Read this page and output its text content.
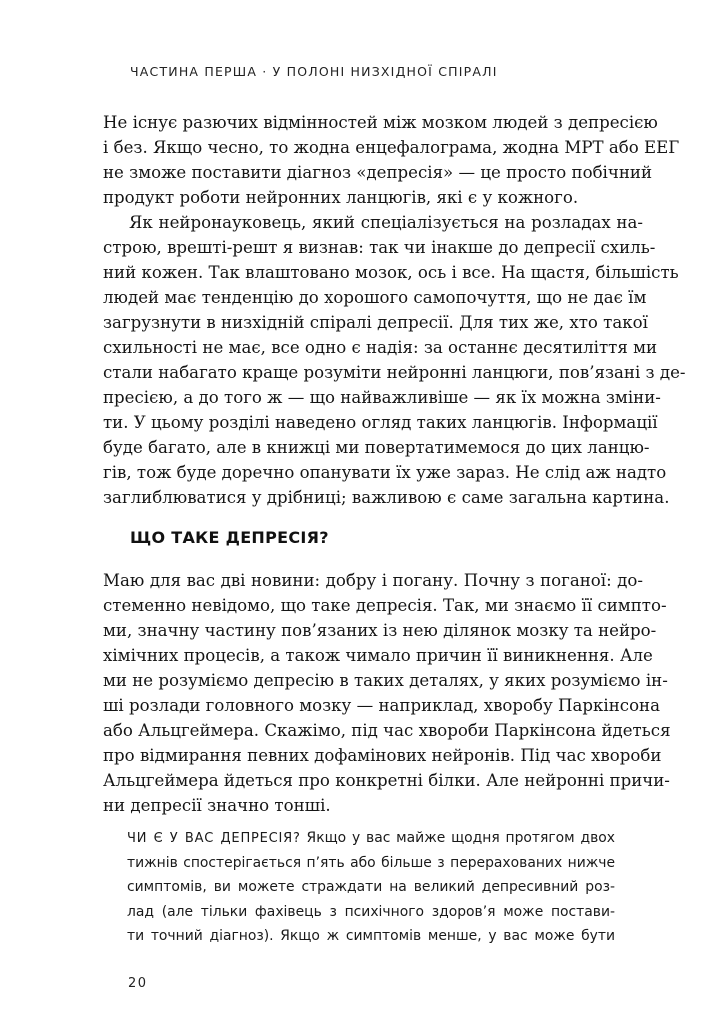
ЧАСТИНА ПЕРША · У ПОЛОНІ НИЗХІДНОЇ СПІРАЛІ
Не існує разючих відмінностей між мозком людей з депресією
і без. Якщо чесно, то жодна енцефалограма, жодна МРТ або ЕЕГ
не зможе поставити діагноз «депресія» — це просто побічний
продукт роботи нейронних ланцюгів, які є у кожного.
Як нейронауковець, який спеціалізується на розладах на-
строю, врешті-решт я визнав: так чи інакше до депресії схиль-
ний кожен. Так влаштовано мозок, ось і все. На щастя, більшість
людей має тенденцію до хорошого самопочуття, що не дає їм
загрузнути в низхідній спіралі депресії. Для тих же, хто такої
схильності не має, все одно є надія: за останнє десятиліття ми
стали набагато краще розуміти нейронні ланцюги, пов’язані з де-
пресією, а до того ж — що найважливіше — як їх можна зміни-
ти. У цьому розділі наведено огляд таких ланцюгів. Інформації
буде багато, але в книжці ми повертатимемося до цих ланцю-
гів, тож буде доречно опанувати їх уже зараз. Не слід аж надто
заглиблюватися у дрібниці; важливою є саме загальна картина.
ЩО ТАКЕ ДЕПРЕСІЯ?
Маю для вас дві новини: добру і погану. Почну з поганої: до-
стеменно невідомо, що таке депресія. Так, ми знаємо її симпто-
ми, значну частину пов’язаних із нею ділянок мозку та нейро-
хімічних процесів, а також чимало причин її виникнення. Але
ми не розуміємо депресію в таких деталях, у яких розуміємо ін-
ші розлади головного мозку — наприклад, хворобу Паркінсона
або Альцгеймера. Скажімо, під час хвороби Паркінсона йдеться
про відмирання певних дофамінових нейронів. Під час хвороби
Альцгеймера йдеться про конкретні білки. Але нейронні причи-
ни депресії значно тонші.
ЧИ Є У ВАС ДЕПРЕСІЯ? Якщо у вас майже щодня протягом двох
тижнів спостерігається п’ять або більше з перерахованих нижче
симптомів, ви можете страждати на великий депресивний роз-
лад (але тільки фахівець з психічного здоров’я може постави-
ти точний діагноз). Якщо ж симптомів менше, у вас може бути
20
